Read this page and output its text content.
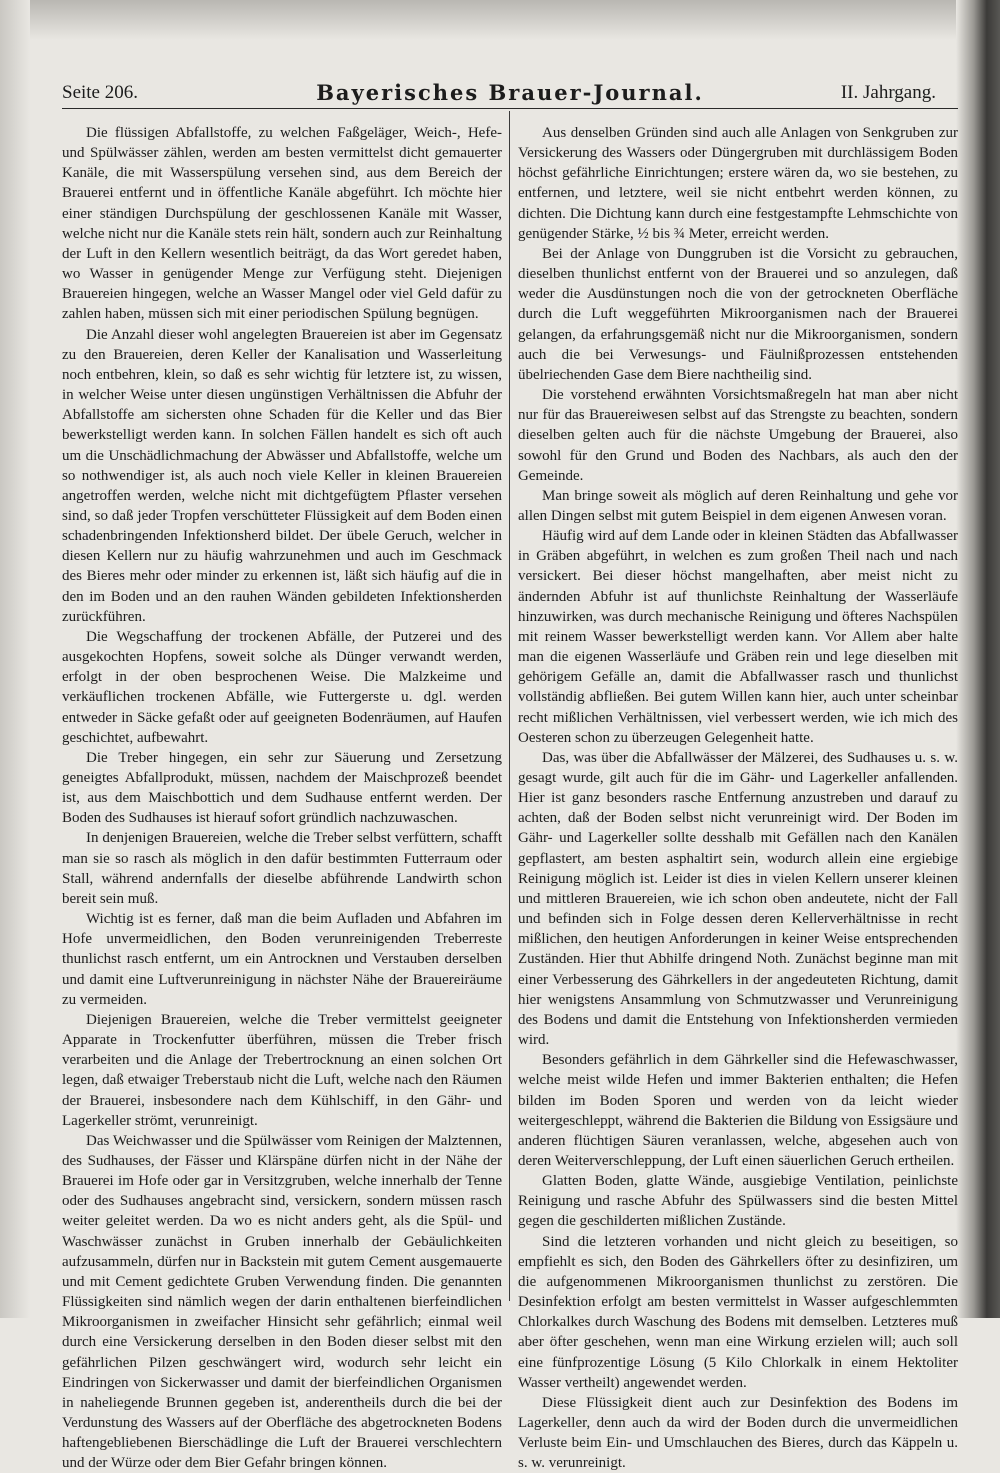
Seite 206.	Bayerisches Brauer-Journal.	II. Jahrgang.

Die flüssigen Abfallstoffe, zu welchen Faßgeläger, Weich-, Hefe- und Spülwässer zählen, werden am besten vermittelst dicht gemauerter Kanäle, die mit Wasserspülung versehen sind, aus dem Bereich der Brauerei entfernt und in öffentliche Kanäle abgeführt. Ich möchte hier einer ständigen Durchspülung der geschlossenen Kanäle mit Wasser, welche nicht nur die Kanäle stets rein hält, sondern auch zur Reinhaltung der Luft in den Kellern wesentlich beiträgt, da das Wort geredet haben, wo Wasser in genügender Menge zur Verfügung steht. Diejenigen Brauereien hingegen, welche an Wasser Mangel oder viel Geld dafür zu zahlen haben, müssen sich mit einer periodischen Spülung begnügen.

Die Anzahl dieser wohl angelegten Brauereien ist aber im Gegensatz zu den Brauereien, deren Keller der Kanalisation und Wasserleitung noch entbehren, klein, so daß es sehr wichtig für letztere ist, zu wissen, in welcher Weise unter diesen ungünstigen Verhältnissen die Abfuhr der Abfallstoffe am sichersten ohne Schaden für die Keller und das Bier bewerkstelligt werden kann. In solchen Fällen handelt es sich oft auch um die Unschädlichmachung der Abwässer und Abfallstoffe, welche um so nothwendiger ist, als auch noch viele Keller in kleinen Brauereien angetroffen werden, welche nicht mit dichtgefügtem Pflaster versehen sind, so daß jeder Tropfen verschütteter Flüssigkeit auf dem Boden einen schadenbringenden Infektionsherd bildet. Der übele Geruch, welcher in diesen Kellern nur zu häufig wahrzunehmen und auch im Geschmack des Bieres mehr oder minder zu erkennen ist, läßt sich häufig auf die in den im Boden und an den rauhen Wänden gebildeten Infektionsherden zurückführen.

Die Wegschaffung der trockenen Abfälle, der Putzerei und des ausgekochten Hopfens, soweit solche als Dünger verwandt werden, erfolgt in der oben besprochenen Weise. Die Malzkeime und verkäuflichen trockenen Abfälle, wie Futtergerste u. dgl. werden entweder in Säcke gefaßt oder auf geeigneten Bodenräumen, auf Haufen geschichtet, aufbewahrt.

Die Treber hingegen, ein sehr zur Säuerung und Zersetzung geneigtes Abfallprodukt, müssen, nachdem der Maischprozeß beendet ist, aus dem Maischbottich und dem Sudhause entfernt werden. Der Boden des Sudhauses ist hierauf sofort gründlich nachzuwaschen.

In denjenigen Brauereien, welche die Treber selbst verfüttern, schafft man sie so rasch als möglich in den dafür bestimmten Futterraum oder Stall, während andernfalls der dieselbe abführende Landwirth schon bereit sein muß.

Wichtig ist es ferner, daß man die beim Aufladen und Abfahren im Hofe unvermeidlichen, den Boden verunreinigenden Treberreste thunlichst rasch entfernt, um ein Antrocknen und Verstauben derselben und damit eine Luftverunreinigung in nächster Nähe der Brauereiräume zu vermeiden.

Diejenigen Brauereien, welche die Treber vermittelst geeigneter Apparate in Trockenfutter überführen, müssen die Treber frisch verarbeiten und die Anlage der Trebertrocknung an einen solchen Ort legen, daß etwaiger Treberstaub nicht die Luft, welche nach den Räumen der Brauerei, insbesondere nach dem Kühlschiff, in den Gähr- und Lagerkeller strömt, verunreinigt.

Das Weichwasser und die Spülwässer vom Reinigen der Malztennen, des Sudhauses, der Fässer und Klärspäne dürfen nicht in der Nähe der Brauerei im Hofe oder gar in Versitzgruben, welche innerhalb der Tenne oder des Sudhauses angebracht sind, versickern, sondern müssen rasch weiter geleitet werden. Da wo es nicht anders geht, als die Spül- und Waschwässer zunächst in Gruben innerhalb der Gebäulichkeiten aufzusammeln, dürfen nur in Backstein mit gutem Cement ausgemauerte und mit Cement gedichtete Gruben Verwendung finden. Die genannten Flüssigkeiten sind nämlich wegen der darin enthaltenen bierfeindlichen Mikroorganismen in zweifacher Hinsicht sehr gefährlich; einmal weil durch eine Versickerung derselben in den Boden dieser selbst mit den gefährlichen Pilzen geschwängert wird, wodurch sehr leicht ein Eindringen von Sickerwasser und damit der bierfeindlichen Organismen in naheliegende Brunnen gegeben ist, anderentheils durch die bei der Verdunstung des Wassers auf der Oberfläche des abgetrockneten Bodens haftengebliebenen Bierschädlinge die Luft der Brauerei verschlechtern und der Würze oder dem Bier Gefahr bringen können.

Aus denselben Gründen sind auch alle Anlagen von Senkgruben zur Versickerung des Wassers oder Düngergruben mit durchlässigem Boden höchst gefährliche Einrichtungen; erstere wären da, wo sie bestehen, zu entfernen, und letztere, weil sie nicht entbehrt werden können, zu dichten. Die Dichtung kann durch eine festgestampfte Lehmschichte von genügender Stärke, ½ bis ¾ Meter, erreicht werden.

Bei der Anlage von Dunggruben ist die Vorsicht zu gebrauchen, dieselben thunlichst entfernt von der Brauerei und so anzulegen, daß weder die Ausdünstungen noch die von der getrockneten Oberfläche durch die Luft weggeführten Mikroorganismen nach der Brauerei gelangen, da erfahrungsgemäß nicht nur die Mikroorganismen, sondern auch die bei Verwesungs- und Fäulnißprozessen entstehenden übelriechenden Gase dem Biere nachtheilig sind.

Die vorstehend erwähnten Vorsichtsmaßregeln hat man aber nicht nur für das Brauereiwesen selbst auf das Strengste zu beachten, sondern dieselben gelten auch für die nächste Umgebung der Brauerei, also sowohl für den Grund und Boden des Nachbars, als auch den der Gemeinde.

Man bringe soweit als möglich auf deren Reinhaltung und gehe vor allen Dingen selbst mit gutem Beispiel in dem eigenen Anwesen voran.

Häufig wird auf dem Lande oder in kleinen Städten das Abfallwasser in Gräben abgeführt, in welchen es zum großen Theil nach und nach versickert. Bei dieser höchst mangelhaften, aber meist nicht zu ändernden Abfuhr ist auf thunlichste Reinhaltung der Wasserläufe hinzuwirken, was durch mechanische Reinigung und öfteres Nachspülen mit reinem Wasser bewerkstelligt werden kann. Vor Allem aber halte man die eigenen Wasserläufe und Gräben rein und lege dieselben mit gehörigem Gefälle an, damit die Abfallwasser rasch und thunlichst vollständig abfließen. Bei gutem Willen kann hier, auch unter scheinbar recht mißlichen Verhältnissen, viel verbessert werden, wie ich mich des Oesteren schon zu überzeugen Gelegenheit hatte.

Das, was über die Abfallwässer der Mälzerei, des Sudhauses u. s. w. gesagt wurde, gilt auch für die im Gähr- und Lagerkeller anfallenden. Hier ist ganz besonders rasche Entfernung anzustreben und darauf zu achten, daß der Boden selbst nicht verunreinigt wird. Der Boden im Gähr- und Lagerkeller sollte desshalb mit Gefällen nach den Kanälen gepflastert, am besten asphaltirt sein, wodurch allein eine ergiebige Reinigung möglich ist. Leider ist dies in vielen Kellern unserer kleinen und mittleren Brauereien, wie ich schon oben andeutete, nicht der Fall und befinden sich in Folge dessen deren Kellerverhältnisse in recht mißlichen, den heutigen Anforderungen in keiner Weise entsprechenden Zuständen. Hier thut Abhilfe dringend Noth. Zunächst beginne man mit einer Verbesserung des Gährkellers in der angedeuteten Richtung, damit hier wenigstens Ansammlung von Schmutzwasser und Verunreinigung des Bodens und damit die Entstehung von Infektionsherden vermieden wird.

Besonders gefährlich in dem Gährkeller sind die Hefewaschwasser, welche meist wilde Hefen und immer Bakterien enthalten; die Hefen bilden im Boden Sporen und werden von da leicht wieder weitergeschleppt, während die Bakterien die Bildung von Essigsäure und anderen flüchtigen Säuren veranlassen, welche, abgesehen auch von deren Weiterverschleppung, der Luft einen säuerlichen Geruch ertheilen.

Glatten Boden, glatte Wände, ausgiebige Ventilation, peinlichste Reinigung und rasche Abfuhr des Spülwassers sind die besten Mittel gegen die geschilderten mißlichen Zustände.

Sind die letzteren vorhanden und nicht gleich zu beseitigen, so empfiehlt es sich, den Boden des Gährkellers öfter zu desinfiziren, um die aufgenommenen Mikroorganismen thunlichst zu zerstören. Die Desinfektion erfolgt am besten vermittelst in Wasser aufgeschlemmten Chlorkalkes durch Waschung des Bodens mit demselben. Letzteres muß aber öfter geschehen, wenn man eine Wirkung erzielen will; auch soll eine fünfprozentige Lösung (5 Kilo Chlorkalk in einem Hektoliter Wasser vertheilt) angewendet werden.

Diese Flüssigkeit dient auch zur Desinfektion des Bodens im Lagerkeller, denn auch da wird der Boden durch die unvermeidlichen Verluste beim Ein- und Umschlauchen des Bieres, durch das Käppeln u. s. w. verunreinigt.
